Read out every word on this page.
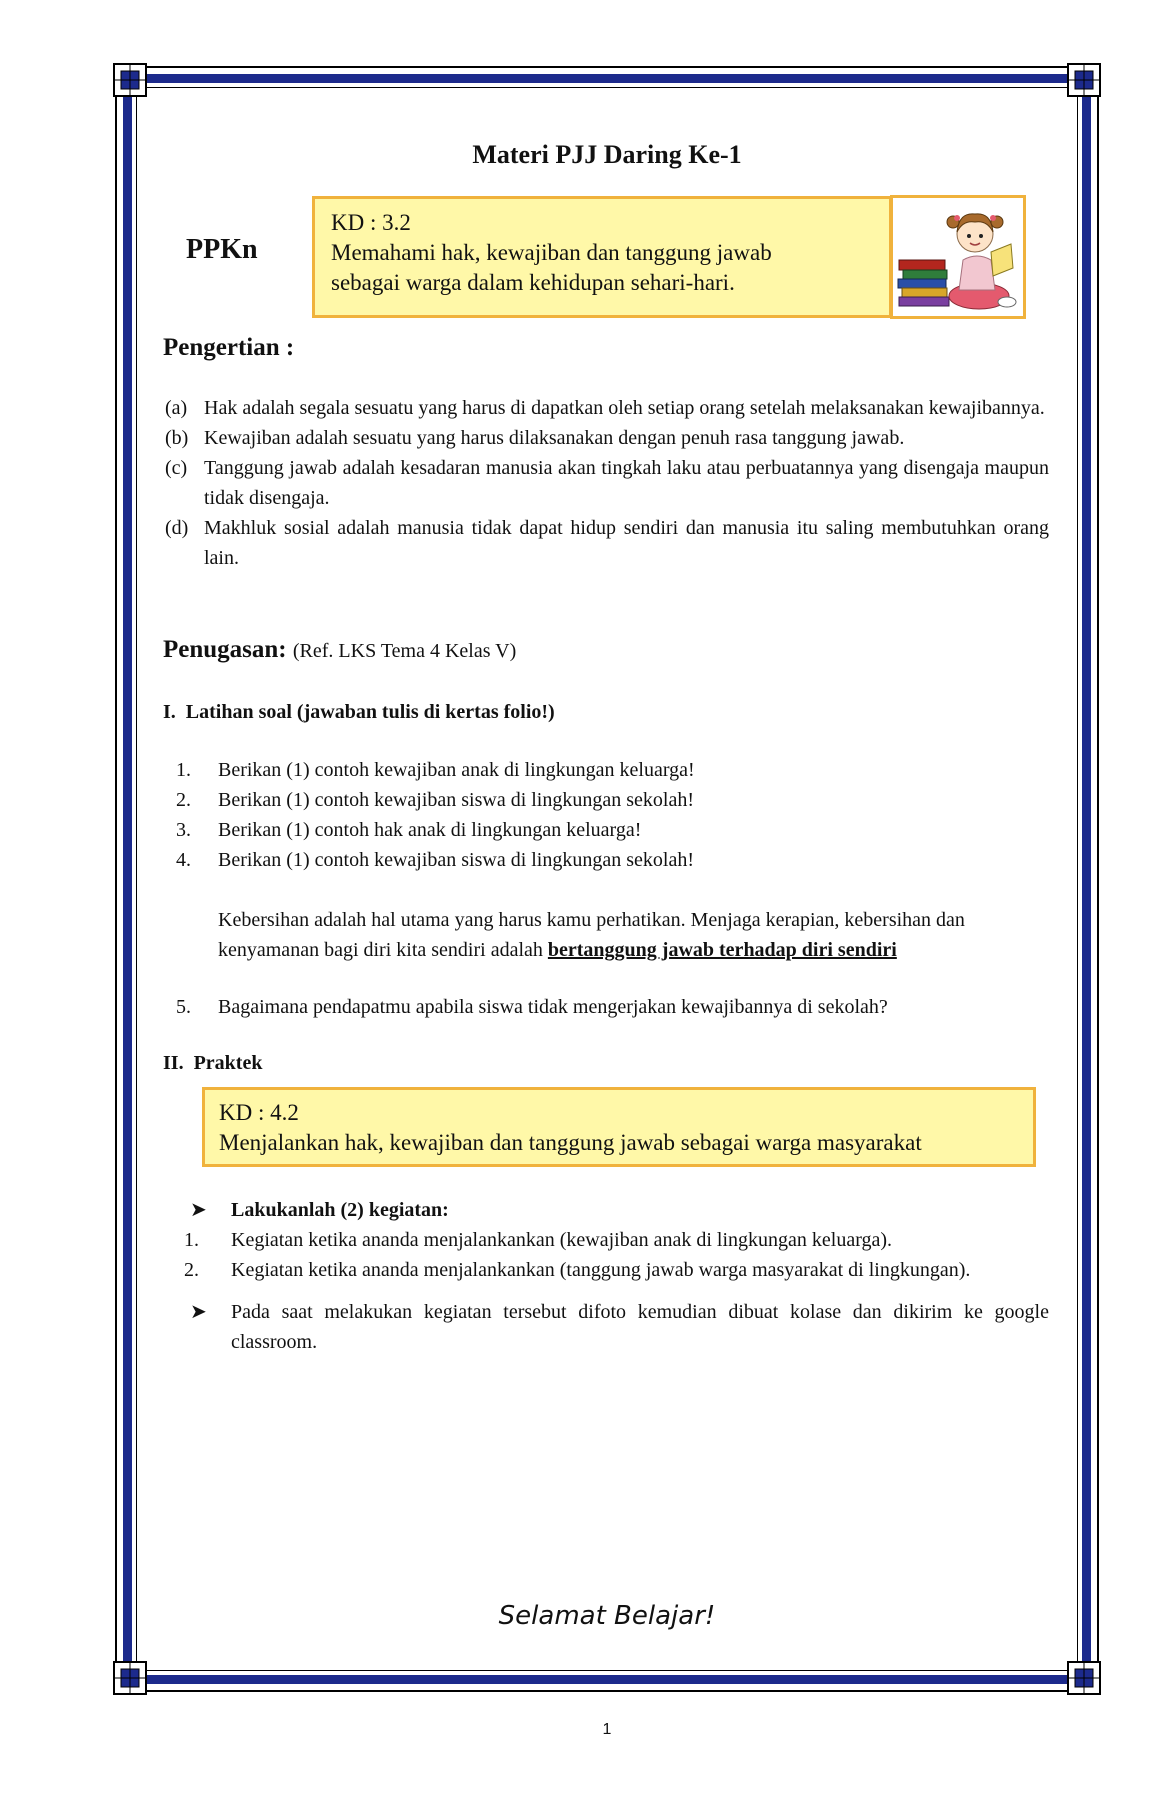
Materi PJJ Daring Ke-1
PPKn
KD : 3.2
Memahami hak, kewajiban dan tanggung jawab
sebagai warga dalam kehidupan sehari-hari.
Pengertian :
(a) Hak adalah segala sesuatu yang harus di dapatkan oleh setiap orang setelah melaksanakan kewajibannya.
(b) Kewajiban adalah sesuatu yang harus dilaksanakan dengan penuh rasa tanggung jawab.
(c) Tanggung jawab adalah kesadaran manusia akan tingkah laku atau perbuatannya yang disengaja maupun tidak disengaja.
(d) Makhluk sosial adalah manusia tidak dapat hidup sendiri dan manusia itu saling membutuhkan orang lain.
Penugasan: (Ref. LKS Tema 4 Kelas V)
I.  Latihan soal (jawaban tulis di kertas folio!)
1.	Berikan (1) contoh kewajiban anak di lingkungan keluarga!
2.	Berikan (1) contoh kewajiban siswa di lingkungan sekolah!
3.	Berikan (1) contoh hak anak di lingkungan keluarga!
4.	Berikan (1) contoh kewajiban siswa di lingkungan sekolah!
Kebersihan adalah hal utama yang harus kamu perhatikan. Menjaga kerapian, kebersihan dan kenyamanan bagi diri kita sendiri adalah bertanggung jawab terhadap diri sendiri
5.	Bagaimana pendapatmu apabila siswa tidak mengerjakan kewajibannya di sekolah?
II.  Praktek
KD : 4.2
Menjalankan hak, kewajiban dan tanggung jawab sebagai warga masyarakat
➤	Lakukanlah (2) kegiatan:
1.	Kegiatan ketika ananda menjalankankan (kewajiban anak di lingkungan keluarga).
2.	Kegiatan ketika ananda menjalankankan (tanggung jawab warga masyarakat di lingkungan).
➤	Pada saat melakukan kegiatan tersebut difoto kemudian dibuat kolase dan dikirim ke google classroom.
Selamat Belajar!
1
